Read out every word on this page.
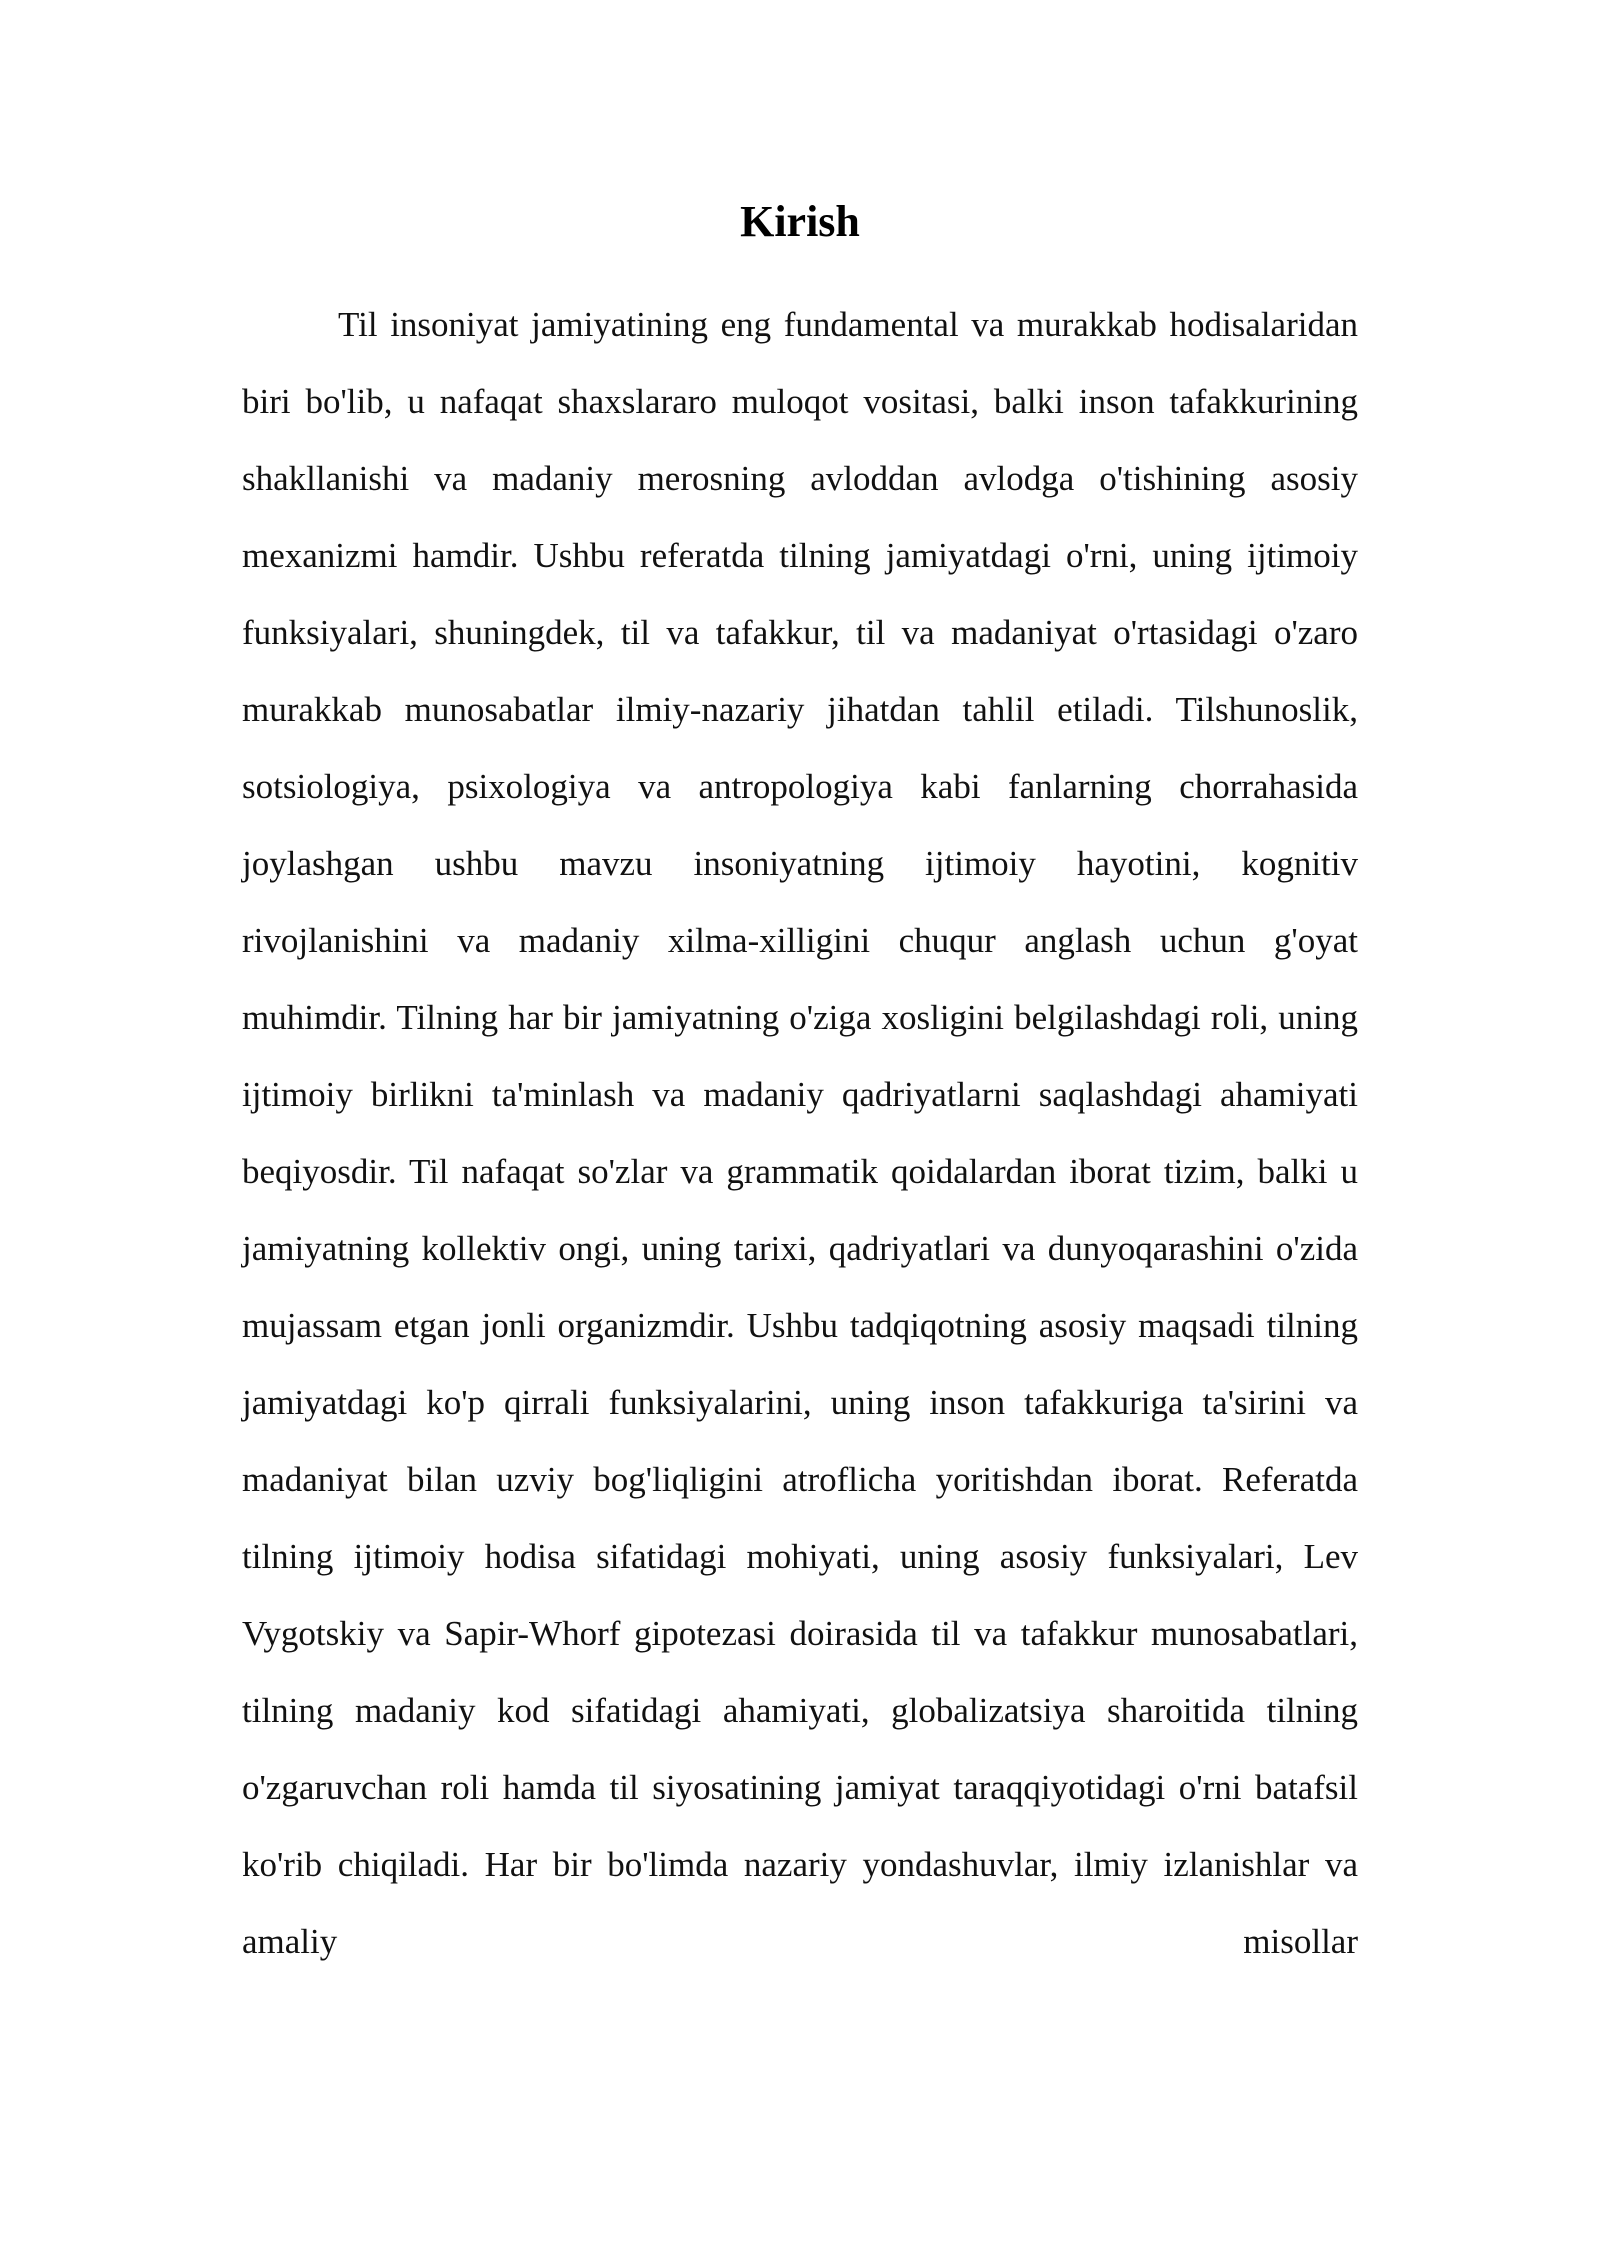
Kirish

Til insoniyat jamiyatining eng fundamental va murakkab hodisalaridan biri bo'lib, u nafaqat shaxslararo muloqot vositasi, balki inson tafakkurining shakllanishi va madaniy merosning avloddan avlodga o'tishining asosiy mexanizmi hamdir. Ushbu referatda tilning jamiyatdagi o'rni, uning ijtimoiy funksiyalari, shuningdek, til va tafakkur, til va madaniyat o'rtasidagi o'zaro murakkab munosabatlar ilmiy-nazariy jihatdan tahlil etiladi. Tilshunoslik, sotsiologiya, psixologiya va antropologiya kabi fanlarning chorrahasida joylashgan ushbu mavzu insoniyatning ijtimoiy hayotini, kognitiv rivojlanishini va madaniy xilma-xilligini chuqur anglash uchun g'oyat muhimdir. Tilning har bir jamiyatning o'ziga xosligini belgilashdagi roli, uning ijtimoiy birlikni ta'minlash va madaniy qadriyatlarni saqlashdagi ahamiyati beqiyosdir. Til nafaqat so'zlar va grammatik qoidalardan iborat tizim, balki u jamiyatning kollektiv ongi, uning tarixi, qadriyatlari va dunyoqarashini o'zida mujassam etgan jonli organizmdir. Ushbu tadqiqotning asosiy maqsadi tilning jamiyatdagi ko'p qirrali funksiyalarini, uning inson tafakkuriga ta'sirini va madaniyat bilan uzviy bog'liqligini atroflicha yoritishdan iborat. Referatda tilning ijtimoiy hodisa sifatidagi mohiyati, uning asosiy funksiyalari, Lev Vygotskiy va Sapir-Whorf gipotezasi doirasida til va tafakkur munosabatlari, tilning madaniy kod sifatidagi ahamiyati, globalizatsiya sharoitida tilning o'zgaruvchan roli hamda til siyosatining jamiyat taraqqiyotidagi o'rni batafsil ko'rib chiqiladi. Har bir bo'limda nazariy yondashuvlar, ilmiy izlanishlar va amaliy misollar
